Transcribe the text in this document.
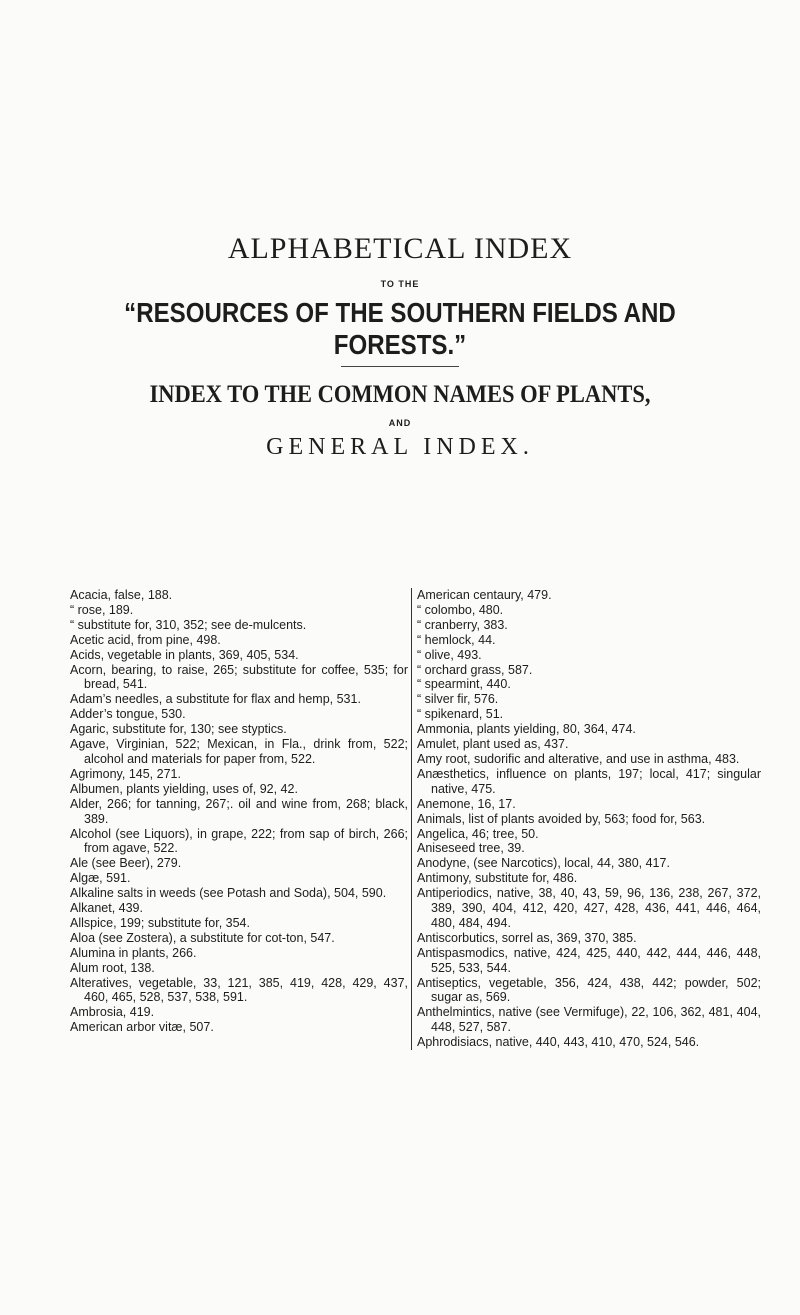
ALPHABETICAL INDEX
TO THE
“RESOURCES OF THE SOUTHERN FIELDS AND FORESTS.”
INDEX TO THE COMMON NAMES OF PLANTS,
AND
GENERAL INDEX.

Acacia, false, 188.

“ rose, 189.

“ substitute for, 310, 352; see de-mulcents.

Acetic acid, from pine, 498.

Acids, vegetable in plants, 369, 405, 534.

Acorn, bearing, to raise, 265; substitute for coffee, 535; for bread, 541.

Adam’s needles, a substitute for flax and hemp, 531.

Adder’s tongue, 530.

Agaric, substitute for, 130; see styptics.

Agave, Virginian, 522; Mexican, in Fla., drink from, 522; alcohol and materials for paper from, 522.

Agrimony, 145, 271.

Albumen, plants yielding, uses of, 92, 42.

Alder, 266; for tanning, 267;. oil and wine from, 268; black, 389.

Alcohol (see Liquors), in grape, 222; from sap of birch, 266; from agave, 522.

Ale (see Beer), 279.

Algæ, 591.

Alkaline salts in weeds (see Potash and Soda), 504, 590.

Alkanet, 439.

Allspice, 199; substitute for, 354.

Aloa (see Zostera), a substitute for cot-ton, 547.

Alumina in plants, 266.

Alum root, 138.

Alteratives, vegetable, 33, 121, 385, 419, 428, 429, 437, 460, 465, 528, 537, 538, 591.

Ambrosia, 419.

American arbor vitæ, 507.

American centaury, 479.

“ colombo, 480.

“ cranberry, 383.

“ hemlock, 44.

“ olive, 493.

“ orchard grass, 587.

“ spearmint, 440.

“ silver fir, 576.

“ spikenard, 51.

Ammonia, plants yielding, 80, 364, 474.

Amulet, plant used as, 437.

Amy root, sudorific and alterative, and use in asthma, 483.

Anæsthetics, influence on plants, 197; local, 417; singular native, 475.

Anemone, 16, 17.

Animals, list of plants avoided by, 563; food for, 563.

Angelica, 46; tree, 50.

Aniseseed tree, 39.

Anodyne, (see Narcotics), local, 44, 380, 417.

Antimony, substitute for, 486.

Antiperiodics, native, 38, 40, 43, 59, 96, 136, 238, 267, 372, 389, 390, 404, 412, 420, 427, 428, 436, 441, 446, 464, 480, 484, 494.

Antiscorbutics, sorrel as, 369, 370, 385.

Antispasmodics, native, 424, 425, 440, 442, 444, 446, 448, 525, 533, 544.

Antiseptics, vegetable, 356, 424, 438, 442; powder, 502; sugar as, 569.

Anthelmintics, native (see Vermifuge), 22, 106, 362, 481, 404, 448, 527, 587.

Aphrodisiacs, native, 440, 443, 410, 470, 524, 546.
